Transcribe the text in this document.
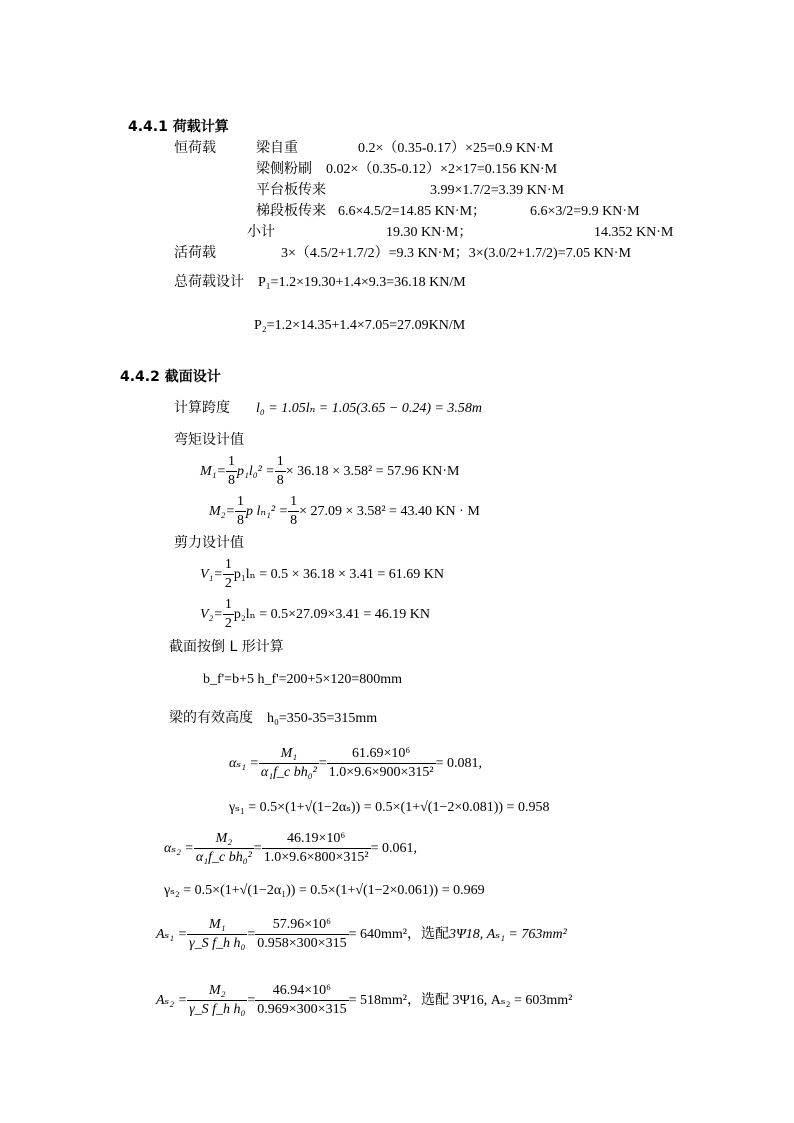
4.4.1 荷载计算
恒荷载	梁自重	0.2×（0.35-0.17）×25=0.9 KN·M
梁侧粉刷 0.02×（0.35-0.12）×2×17=0.156 KN·M
平台板传来	3.99×1.7/2=3.39 KN·M
梯段板传来 6.6×4.5/2=14.85 KN·M；	6.6×3/2=9.9 KN·M
小计	19.30 KN·M；	14.352 KN·M
活荷载	3×（4.5/2+1.7/2）=9.3 KN·M；3×(3.0/2+1.7/2)=7.05 KN·M
总荷载设计 P₁=1.2×19.30+1.4×9.3=36.18 KN/M
P₂=1.2×14.35+1.4×7.05=27.09KN/M
4.4.2 截面设计
计算跨度 l₀ = 1.05lₙ = 1.05(3.65 − 0.24) = 3.58m
弯矩设计值
$M_1= \frac{1}{8} p_1l_0^2 = \frac{1}{8} \times 36.18 \times 3.58^2 = 57.96$ KN·M
$M_2= \frac{1}{8}$ p $l_{n1}^2 = \frac{1}{8} \times 27.09 \times 3.58^2 = 43.40$ KN · M
剪力设计值
$V_1= \frac{1}{2} p_1l_n = 0.5 \times 36.18 \times 3.41 = 61.69$ KN
$V_2= \frac{1}{2} p_2l_n = 0.5\times 27.09\times 3.41 = 46.19$ KN
截面按倒 L 形计算
b_f'=b+5 h_f'=200+5×120=800mm
梁的有效高度 h₀=350-35=315mm
$\alpha_{s1} = \frac{\text{M₁}}{\text{α₁f\_c bh₀²}} = \frac{\text{61.69×10⁶}}{\text{1.0×9.6×900×315²}} = 0.081$,
γₛ₁ = 0.5×(1+√(1−2αₛ)) = 0.5×(1+√(1−2×0.081)) = 0.958
$\alpha_{s2} = \frac{\text{M₂}}{\text{α₁f\_c bh₀²}} = \frac{\text{46.19×10⁶}}{\text{1.0×9.6×800×315²}} = 0.061$,
γₛ₂ = 0.5×(1+√(1−2α₁)) = 0.5×(1+√(1−2×0.061)) = 0.969
$A_{s1} = \frac{\text{M₁}}{\text{γ\_S f\_h h₀}} = \frac{\text{57.96×10⁶}}{0.958\times 300\times 315} = 640mm^2$，选配 3Ψ18, Aₛ₁ = 763mm²
$A_{s2} = \frac{\text{M₂}}{\text{γ\_S f\_h h₀}} = \frac{\text{46.94×10⁶}}{0.969\times 300\times 315} = 518mm^2$，选配 3Ψ16, Aₛ₂ = 603mm²
